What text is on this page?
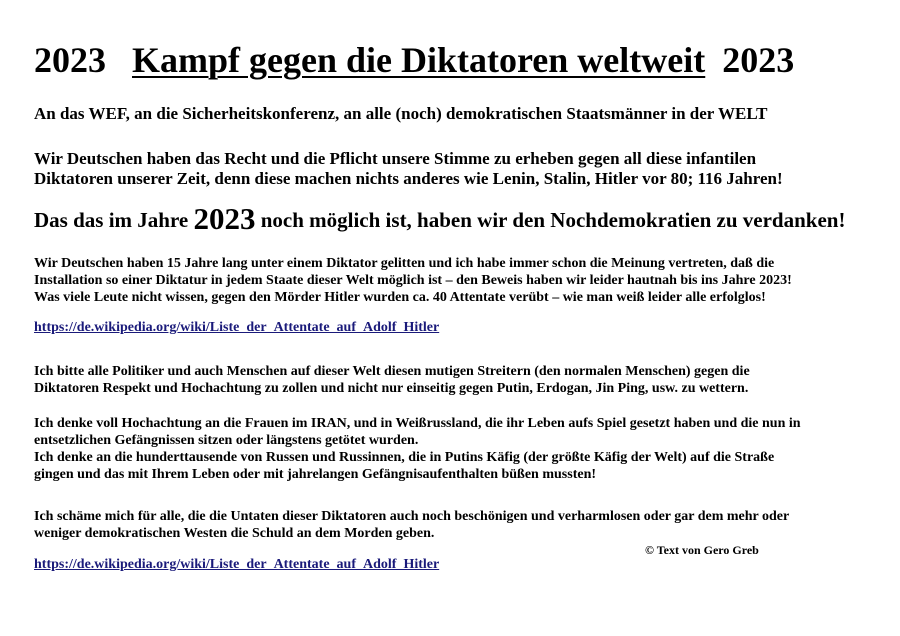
2023 Kampf gegen die Diktatoren weltweit 2023
An das WEF, an die Sicherheitskonferenz, an alle (noch) demokratischen Staatsmänner in der WELT
Wir Deutschen haben das Recht und die Pflicht unsere Stimme zu erheben gegen all diese infantilen
Diktatoren unserer Zeit, denn diese machen nichts anderes wie Lenin, Stalin, Hitler vor 80; 116 Jahren!
Das das im Jahre 2023 noch möglich ist, haben wir den Nochdemokratien zu verdanken!
Wir Deutschen haben 15 Jahre lang unter einem Diktator gelitten und ich habe immer schon die Meinung vertreten, daß die
Installation so einer Diktatur in jedem Staate dieser Welt möglich ist – den Beweis haben wir leider hautnah bis ins Jahre 2023!
Was viele Leute nicht wissen, gegen den Mörder Hitler wurden ca. 40 Attentate verübt – wie man weiß leider alle erfolglos!
https://de.wikipedia.org/wiki/Liste_der_Attentate_auf_Adolf_Hitler
Ich bitte alle Politiker und auch Menschen auf dieser Welt diesen mutigen Streitern (den normalen Menschen) gegen die
Diktatoren Respekt und Hochachtung zu zollen und nicht nur einseitig gegen Putin, Erdogan, Jin Ping, usw. zu wettern.
Ich denke voll Hochachtung an die Frauen im IRAN, und in Weißrussland, die ihr Leben aufs Spiel gesetzt haben und die nun in
entsetzlichen Gefängnissen sitzen oder längstens getötet wurden.
Ich denke an die hunderttausende von Russen und Russinnen, die in Putins Käfig (der größte Käfig der Welt) auf die Straße
gingen und das mit Ihrem Leben oder mit jahrelangen Gefängnisaufenthalten büßen mussten!
Ich schäme mich für alle, die die Untaten dieser Diktatoren auch noch beschönigen und verharmlosen oder gar dem mehr oder
weniger demokratischen Westen die Schuld an dem Morden geben.
© Text von Gero Greb
https://de.wikipedia.org/wiki/Liste_der_Attentate_auf_Adolf_Hitler
